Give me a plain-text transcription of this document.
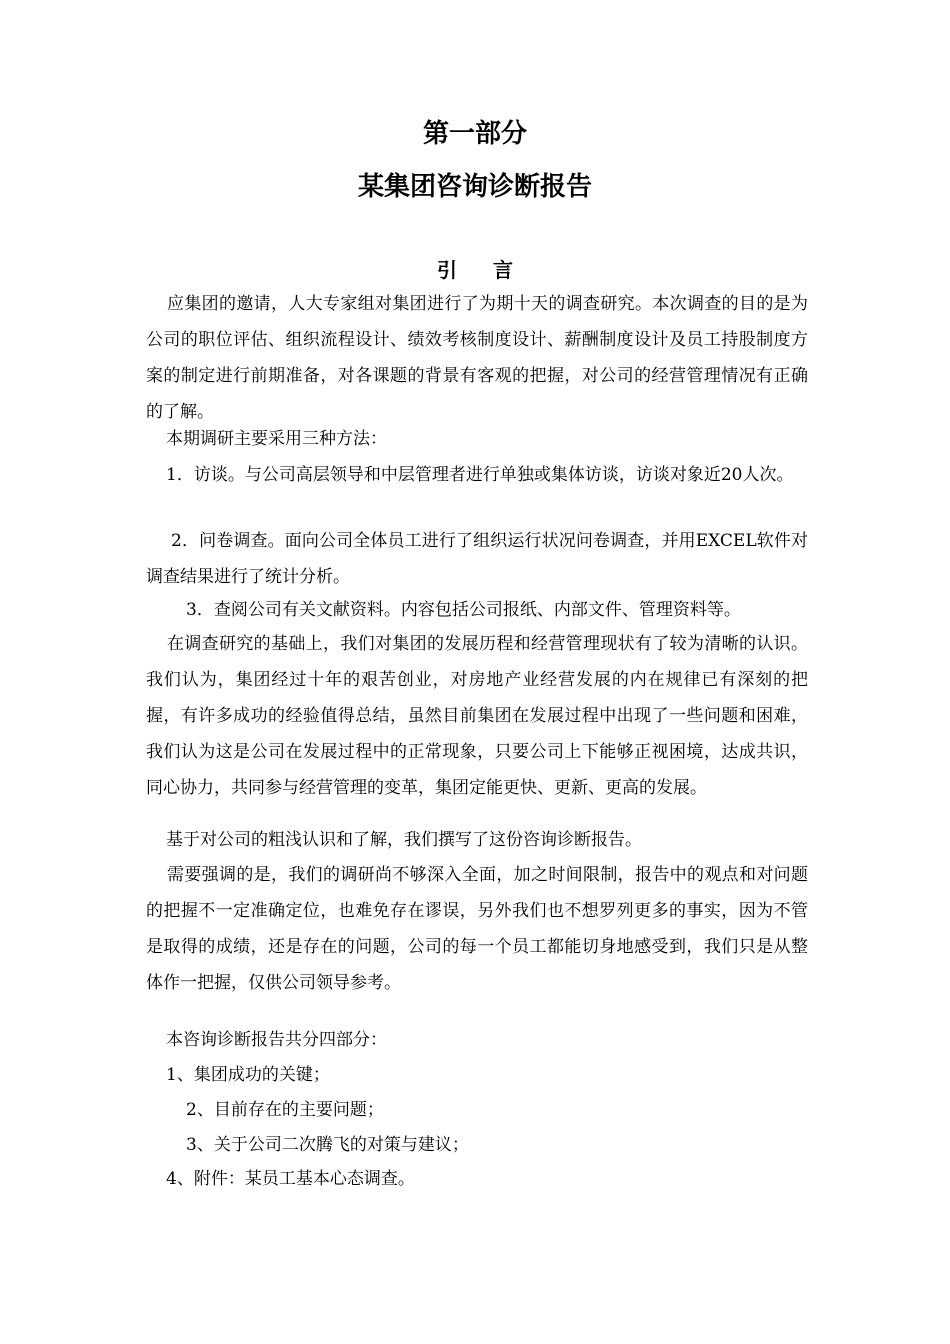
第一部分
某集团咨询诊断报告
引 言

应集团的邀请，人大专家组对集团进行了为期十天的调查研究。本次调查的目的是为公司的职位评估、组织流程设计、绩效考核制度设计、薪酬制度设计及员工持股制度方案的制定进行前期准备，对各课题的背景有客观的把握，对公司的经营管理情况有正确的了解。

本期调研主要采用三种方法：

1．访谈。与公司高层领导和中层管理者进行单独或集体访谈，访谈对象近20人次。

2．问卷调查。面向公司全体员工进行了组织运行状况问卷调查，并用EXCEL软件对调查结果进行了统计分析。

3．查阅公司有关文献资料。内容包括公司报纸、内部文件、管理资料等。

在调查研究的基础上，我们对集团的发展历程和经营管理现状有了较为清晰的认识。我们认为，集团经过十年的艰苦创业，对房地产业经营发展的内在规律已有深刻的把握，有许多成功的经验值得总结，虽然目前集团在发展过程中出现了一些问题和困难，我们认为这是公司在发展过程中的正常现象，只要公司上下能够正视困境，达成共识，同心协力，共同参与经营管理的变革，集团定能更快、更新、更高的发展。

基于对公司的粗浅认识和了解，我们撰写了这份咨询诊断报告。

需要强调的是，我们的调研尚不够深入全面，加之时间限制，报告中的观点和对问题的把握不一定准确定位，也难免存在谬误，另外我们也不想罗列更多的事实，因为不管是取得的成绩，还是存在的问题，公司的每一个员工都能切身地感受到，我们只是从整体作一把握，仅供公司领导参考。

本咨询诊断报告共分四部分：

1、集团成功的关键；

2、目前存在的主要问题；

3、关于公司二次腾飞的对策与建议；

4、附件：某员工基本心态调查。
